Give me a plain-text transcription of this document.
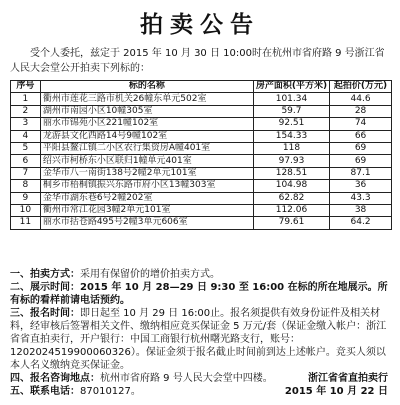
拍卖公告

受个人委托，兹定于 2015 年 10 月 30 日 10:00时在杭州市省府路 9 号浙江省人民大会堂公开拍卖下列标的：

序号	标的名称	房产面积(平方米)	起拍价(万元)
1	衢州市莲花三路市机关26幢东单元502室	101.34	44.6
2	湖州市南园小区10幢305室	59.7	28
3	丽水市锦苑小区221幢102室	92.51	74
4	龙游县文化西路14号9幢102室	154.33	66
5	平阳县鳌江镇二小区农行集资房A幢401室	118	69
6	绍兴市柯桥东小区联归1幢单元401室	97.93	69
7	金华市八一南街138号2幢2单元101室	128.51	87.1
8	桐乡市梧桐镇振兴东路市府小区13幢303室	104.98	36
9	金华市湖东巷6号2幢202室	62.82	43.3
10	衢州市常江花园3幢2单元101室	112.06	38
11	丽水市括苍路495号2幢3单元606室	79.61	64.2

一、拍卖方式：采用有保留价的增价拍卖方式。

二、展示时间：2015 年 10 月 28—29 日 9:30 至 16:00 在标的所在地展示。所有标的看样前请电话预约。

三、报名时间：即日起至 10 月 29 日 16:00止。报名须提供有效身份证件及相关材料，经审核后签署相关文件、缴纳相应竞买保证金 5 万元/套（保证金缴入帐户：浙江省省直拍卖行，开户银行：中国工商银行杭州曙光路支行，账号：1202024519900060326）。保证金须于报名截止时间前到达上述帐户。竞买人须以本人名义缴纳竞买保证金。

四、报名咨询地点：杭州市省府路 9 号人民大会堂中四楼。

五、联系电话：87010127。

浙江省省直拍卖行
2015 年 10 月 22 日
